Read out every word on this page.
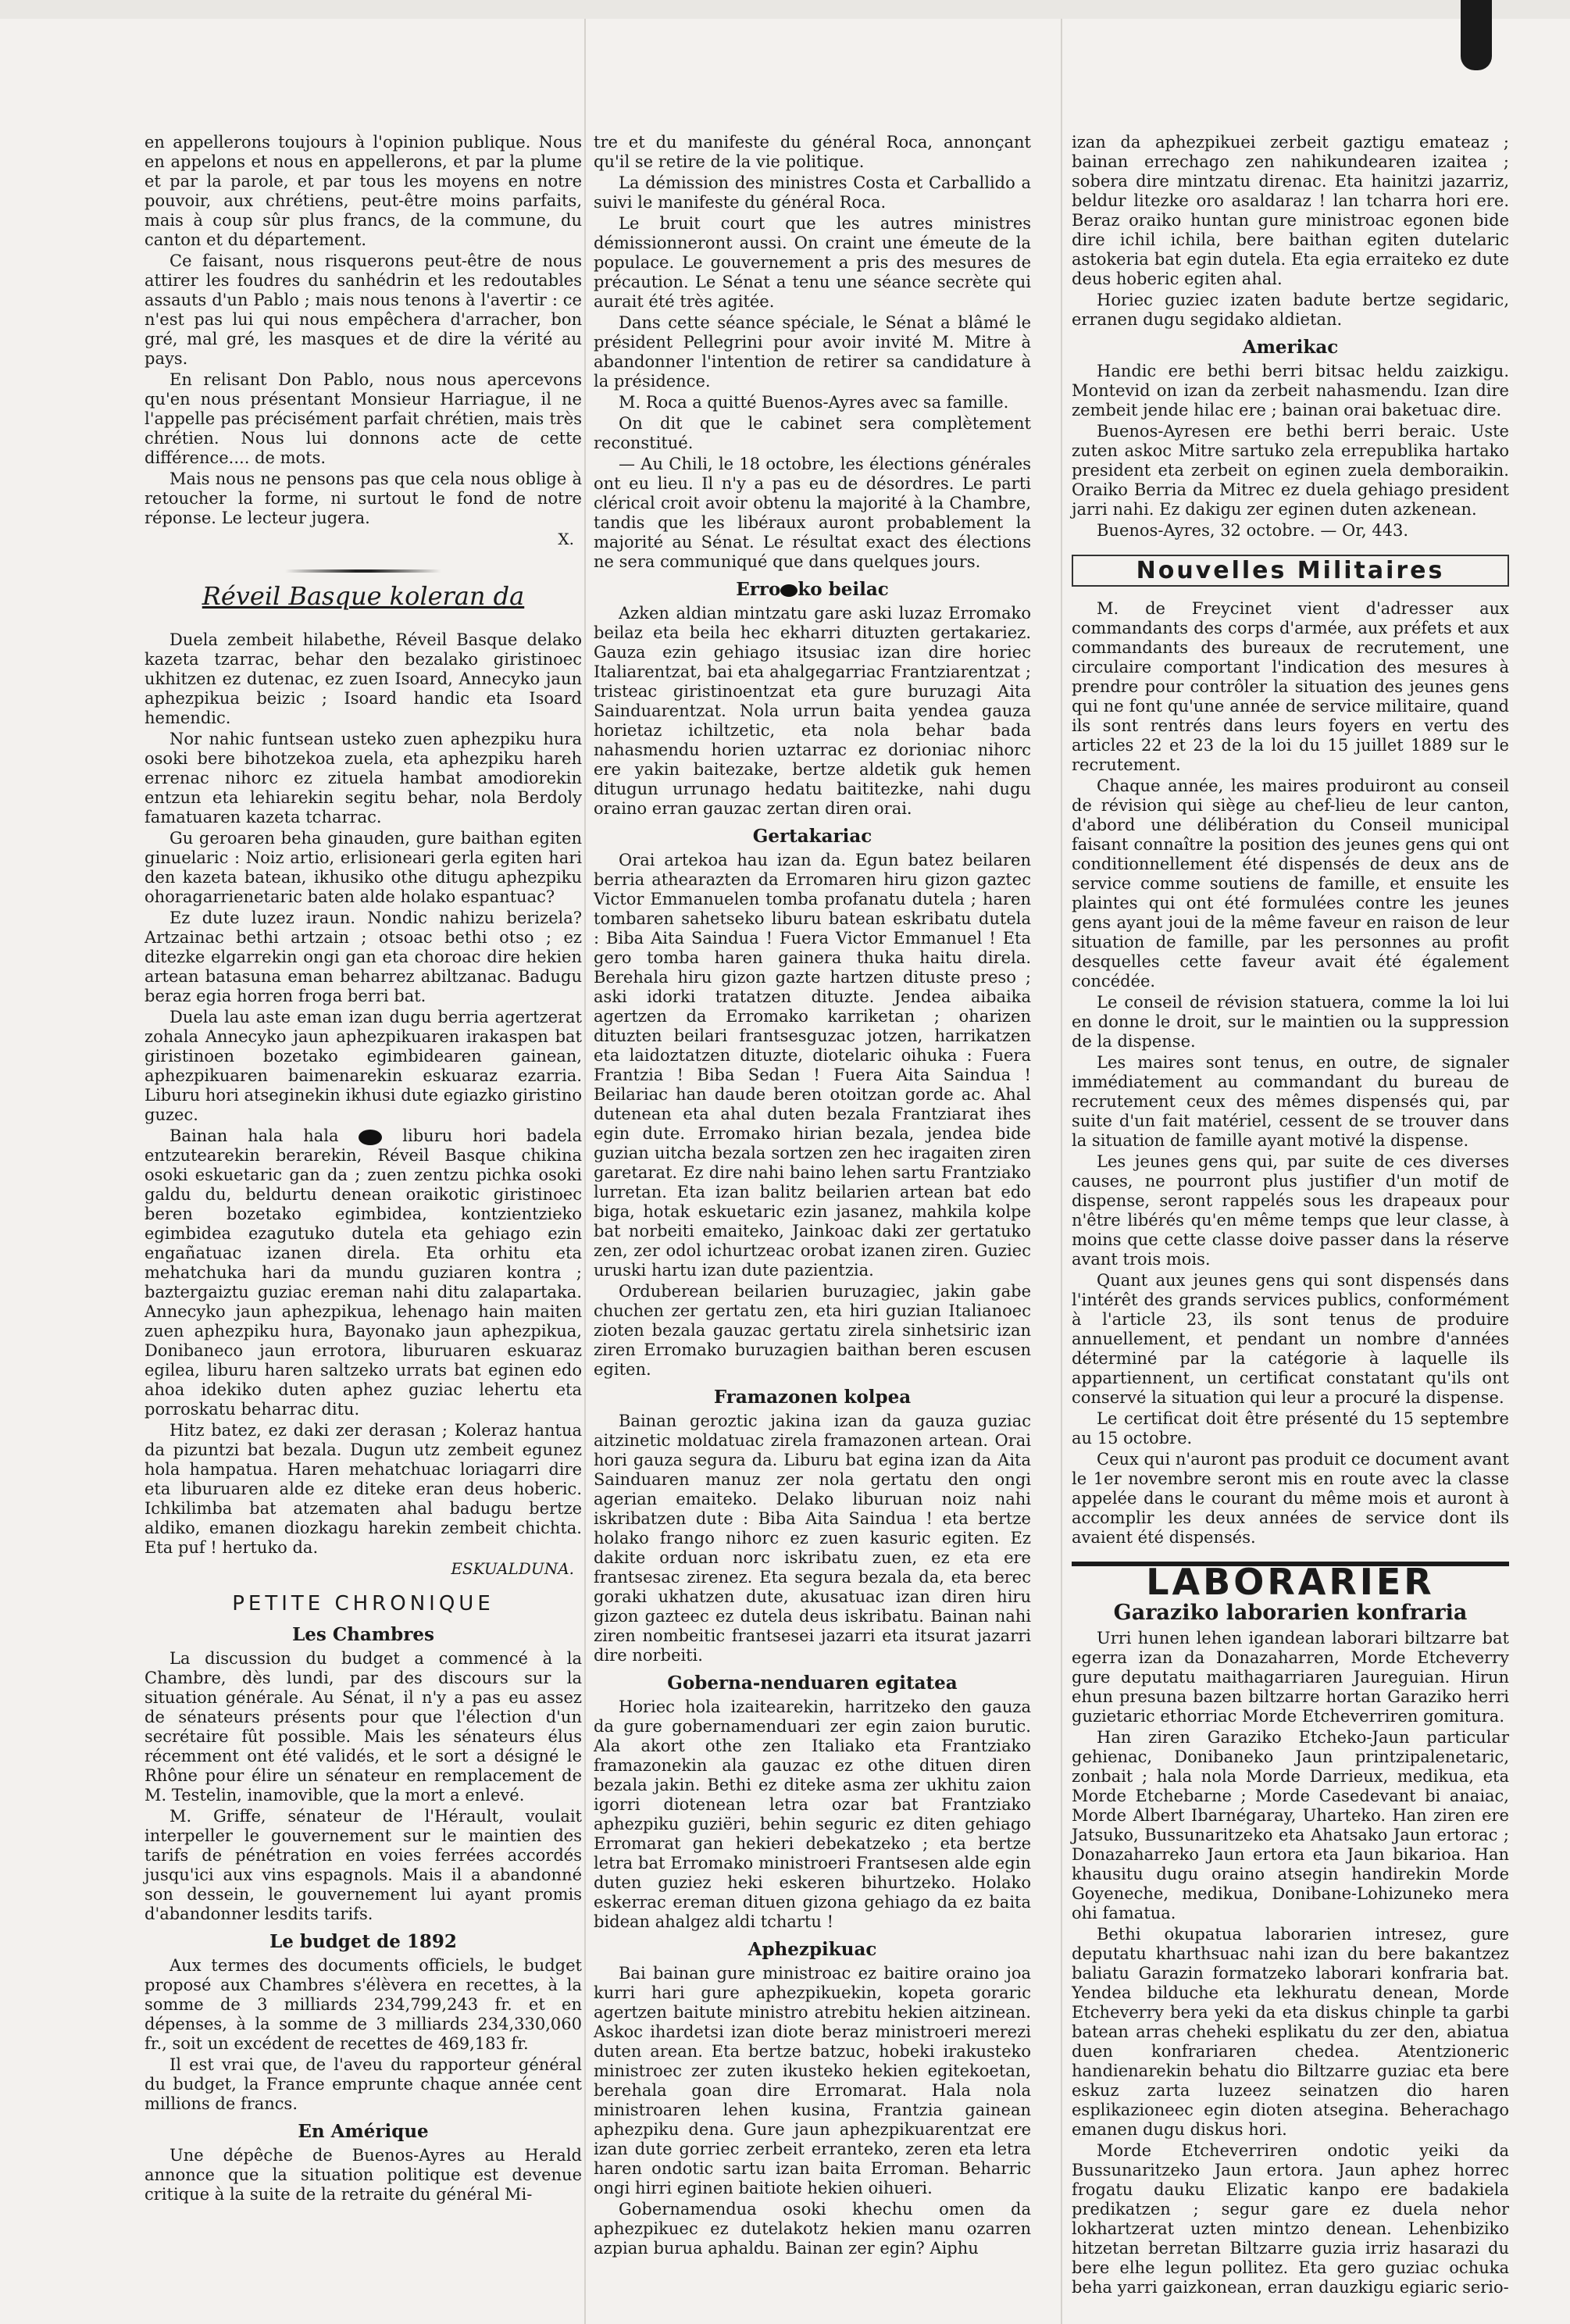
en appellerons toujours à l'opinion publique. Nous en appelons et nous en appellerons, et par la plume et par la parole, et par tous les moyens en notre pouvoir, aux chrétiens, peut-être moins parfaits, mais à coup sûr plus francs, de la commune, du canton et du département.

Ce faisant, nous risquerons peut-être de nous attirer les foudres du sanhédrin et les redoutables assauts d'un Pablo ; mais nous tenons à l'avertir : ce n'est pas lui qui nous empêchera d'arracher, bon gré, mal gré, les masques et de dire la vérité au pays.

En relisant Don Pablo, nous nous apercevons qu'en nous présentant Monsieur Harriague, il ne l'appelle pas précisément parfait chrétien, mais très chrétien. Nous lui donnons acte de cette différence.... de mots.

Mais nous ne pensons pas que cela nous oblige à retoucher la forme, ni surtout le fond de notre réponse. Le lecteur jugera.

X.
Réveil Basque koleran da

Duela zembeit hilabethe, Réveil Basque delako kazeta tzarrac, behar den bezalako giristinoec ukhitzen ez dutenac, ez zuen Isoard, Annecyko jaun aphezpikua beizic ; Isoard handic eta Isoard hemendic.

Nor nahic funtsean usteko zuen aphezpiku hura osoki bere bihotzekoa zuela, eta aphezpiku hareh errenac nihorc ez zituela hambat amodiorekin entzun eta lehiarekin segitu behar, nola Berdoly famatuaren kazeta tcharrac.

Gu geroaren beha ginauden, gure baithan egiten ginuelaric : Noiz artio, erlisioneari gerla egiten hari den kazeta batean, ikhusiko othe ditugu aphezpiku ohoragarrienetaric baten alde holako espantuac?

Ez dute luzez iraun. Nondic nahizu berizela? Artzainac bethi artzain ; otsoac bethi otso ; ez ditezke elgarrekin ongi gan eta choroac dire hekien artean batasuna eman beharrez abiltzanac. Badugu beraz egia horren froga berri bat.

Duela lau aste eman izan dugu berria agertzerat zohala Annecyko jaun aphezpikuaren irakaspen bat giristinoen bozetako egimbidearen gainean, aphezpikuaren baimenarekin eskuaraz ezarria. Liburu hori atseginekin ikhusi dute egiazko giristino guzec.

Bainan hala hala	liburu hori badela entzutearekin berarekin, Réveil Basque chikina osoki eskuetaric gan da ; zuen zentzu pichka osoki galdu du, beldurtu denean oraikotic giristinoec beren bozetako egimbidea, kontzientzieko egimbidea ezagutuko dutela eta gehiago ezin engañatuac izanen direla. Eta orhitu eta mehatchuka hari da mundu guziaren kontra ; baztergaiztu guziac ereman nahi ditu zalapartaka. Annecyko jaun aphezpikua, lehenago hain maiten zuen aphezpiku hura, Bayonako jaun aphezpikua, Donibaneco jaun errotora, liburuaren eskuaraz egilea, liburu haren saltzeko urrats bat eginen edo ahoa idekiko duten aphez guziac lehertu eta porroskatu beharrac ditu.

Hitz batez, ez daki zer derasan ; Koleraz hantua da pizuntzi bat bezala. Dugun utz zembeit egunez hola hampatua. Haren mehatchuac loriagarri dire eta liburuaren alde ez diteke eran deus hoberic. Ichkilimba bat atzematen ahal badugu bertze aldiko, emanen diozkagu harekin zembeit chichta. Eta puf ! hertuko da.

ESKUALDUNA.
PETITE CHRONIQUE
Les Chambres

La discussion du budget a commencé à la Chambre, dès lundi, par des discours sur la situation générale. Au Sénat, il n'y a pas eu assez de sénateurs présents pour que l'élection d'un secrétaire fût possible. Mais les sénateurs élus récemment ont été validés, et le sort a désigné le Rhône pour élire un sénateur en remplacement de M. Testelin, inamovible, que la mort a enlevé.

M. Griffe, sénateur de l'Hérault, voulait interpeller le gouvernement sur le maintien des tarifs de pénétration en voies ferrées accordés jusqu'ici aux vins espagnols. Mais il a abandonné son dessein, le gouvernement lui ayant promis d'abandonner lesdits tarifs.

Le budget de 1892

Aux termes des documents officiels, le budget proposé aux Chambres s'élèvera en recettes, à la somme de 3 milliards 234,799,243 fr. et en dépenses, à la somme de 3 milliards 234,330,060 fr., soit un excédent de recettes de 469,183 fr.

Il est vrai que, de l'aveu du rapporteur général du budget, la France emprunte chaque année cent millions de francs.

En Amérique

Une dépêche de Buenos-Ayres au Herald annonce que la situation politique est devenue critique à la suite de la retraite du général Mi-

tre et du manifeste du général Roca, annonçant qu'il se retire de la vie politique.

La démission des ministres Costa et Carballido a suivi le manifeste du général Roca.

Le bruit court que les autres ministres démissionneront aussi. On craint une émeute de la populace. Le gouvernement a pris des mesures de précaution. Le Sénat a tenu une séance secrète qui aurait été très agitée.

Dans cette séance spéciale, le Sénat a blâmé le président Pellegrini pour avoir invité M. Mitre à abandonner l'intention de retirer sa candidature à la présidence.

M. Roca a quitté Buenos-Ayres avec sa famille.

On dit que le cabinet sera complètement reconstitué.

— Au Chili, le 18 octobre, les élections générales ont eu lieu. Il n'y a pas eu de désordres. Le parti clérical croit avoir obtenu la majorité à la Chambre, tandis que les libéraux auront probablement la majorité au Sénat. Le résultat exact des élections ne sera communiqué que dans quelques jours.

Erro ko beilac

Azken aldian mintzatu gare aski luzaz Erromako beilaz eta beila hec ekharri dituzten gertakariez. Gauza ezin gehiago itsusiac izan dire horiec Italiarentzat, bai eta ahalgegarriac Frantziarentzat ; tristeac giristinoentzat eta gure buruzagi Aita Sainduarentzat. Nola urrun baita yendea gauza horietaz ichiltzetic, eta nola behar bada nahasmendu horien uztarrac ez dorioniac nihorc ere yakin baitezake, bertze aldetik guk hemen ditugun urrunago hedatu baititezke, nahi dugu oraino erran gauzac zertan diren orai.

Gertakariac

Orai artekoa hau izan da. Egun batez beilaren berria athearazten da Erromaren hiru gizon gaztec Victor Emmanuelen tomba profanatu dutela ; haren tombaren sahetseko liburu batean eskribatu dutela : Biba Aita Saindua ! Fuera Victor Emmanuel ! Eta gero tomba haren gainera thuka haitu direla. Berehala hiru gizon gazte hartzen dituste preso ; aski idorki tratatzen dituzte. Jendea aibaika agertzen da Erromako karriketan ; oharizen dituzten beilari frantsesguzac jotzen, harrikatzen eta laidoztatzen dituzte, diotelaric oihuka : Fuera Frantzia ! Biba Sedan ! Fuera Aita Saindua ! Beilariac han daude beren otoitzan gorde ac. Ahal dutenean eta ahal duten bezala Frantziarat ihes egin dute. Erromako hirian bezala, jendea bide guzian uitcha bezala sortzen zen hec iragaiten ziren garetarat. Ez dire nahi baino lehen sartu Frantziako lurretan. Eta izan balitz beilarien artean bat edo biga, hotak eskuetaric ezin jasanez, mahkila kolpe bat norbeiti emaiteko, Jainkoac daki zer gertatuko zen, zer odol ichurtzeac orobat izanen ziren. Guziec uruski hartu izan dute pazientzia.

Orduberean beilarien buruzagiec, jakin gabe chuchen zer gertatu zen, eta hiri guzian Italianoec zioten bezala gauzac gertatu zirela sinhetsiric izan ziren Erromako buruzagien baithan beren escusen egiten.

Framazonen kolpea

Bainan geroztic jakina izan da gauza guziac aitzinetic moldatuac zirela framazonen artean. Orai hori gauza segura da. Liburu bat egina izan da Aita Sainduaren manuz zer nola gertatu den ongi agerian emaiteko. Delako liburuan noiz nahi iskribatzen dute : Biba Aita Saindua ! eta bertze holako frango nihorc ez zuen kasuric egiten. Ez dakite orduan norc iskribatu zuen, ez eta ere frantsesac zirenez. Eta segura bezala da, eta berec goraki ukhatzen dute, akusatuac izan diren hiru gizon gazteec ez dutela deus iskribatu. Bainan nahi ziren nombeitic frantsesei jazarri eta itsurat jazarri dire norbeiti.

Goberna-nenduaren egitatea

Horiec hola izaitearekin, harritzeko den gauza da gure gobernamenduari zer egin zaion burutic. Ala akort othe zen Italiako eta Frantziako framazonekin ala gauzac ez othe dituen diren bezala jakin. Bethi ez diteke asma zer ukhitu zaion igorri diotenean letra ozar bat Frantziako aphezpiku guziëri, behin seguric ez diten gehiago Erromarat gan hekieri debekatzeko ; eta bertze letra bat Erromako ministroeri Frantsesen alde egin duten guziez heki eskeren bihurtzeko. Holako eskerrac ereman dituen gizona gehiago da ez baita bidean ahalgez aldi tchartu !

Aphezpikuac

Bai bainan gure ministroac ez baitire oraino joa kurri hari gure aphezpikuekin, kopeta goraric agertzen baitute ministro atrebitu hekien aitzinean. Askoc ihardetsi izan diote beraz ministroeri merezi duten arean. Eta bertze batzuc, hobeki irakusteko ministroec zer zuten ikusteko hekien egitekoetan, berehala goan dire Erromarat. Hala nola ministroaren lehen kusina, Frantzia gainean aphezpiku dena. Gure jaun aphezpikuarentzat ere izan dute gorriec zerbeit erranteko, zeren eta letra haren ondotic sartu izan baita Erroman. Beharric ongi hirri eginen baitiote hekien oihueri.

Gobernamendua osoki khechu omen da aphezpikuec ez dutelakotz hekien manu ozarren azpian burua aphaldu. Bainan zer egin? Aiphu

izan da aphezpikuei zerbeit gaztigu emateaz ; bainan errechago zen nahikundearen izaitea ; sobera dire mintzatu direnac. Eta hainitzi jazarriz, beldur litezke oro asaldaraz ! lan tcharra hori ere. Beraz oraiko huntan gure ministroac egonen bide dire ichil ichila, bere baithan egiten dutelaric astokeria bat egin dutela. Eta egia erraiteko ez dute deus hoberic egiten ahal.

Horiec guziec izaten badute bertze segidaric, erranen dugu segidako aldietan.

Amerikac

Handic ere bethi berri bitsac heldu zaizkigu. Montevid on izan da zerbeit nahasmendu. Izan dire zembeit jende hilac ere ; bainan orai baketuac dire.

Buenos-Ayresen ere bethi berri beraic. Uste zuten askoc Mitre sartuko zela errepublika hartako president eta zerbeit on eginen zuela demboraikin. Oraiko Berria da Mitrec ez duela gehiago president jarri nahi. Ez dakigu zer eginen duten azkenean.

Buenos-Ayres, 32 octobre. — Or, 443.

Nouvelles Militaires

M. de Freycinet vient d'adresser aux commandants des corps d'armée, aux préfets et aux commandants des bureaux de recrutement, une circulaire comportant l'indication des mesures à prendre pour contrôler la situation des jeunes gens qui ne font qu'une année de service militaire, quand ils sont rentrés dans leurs foyers en vertu des articles 22 et 23 de la loi du 15 juillet 1889 sur le recrutement.

Chaque année, les maires produiront au conseil de révision qui siège au chef-lieu de leur canton, d'abord une délibération du Conseil municipal faisant connaître la position des jeunes gens qui ont conditionnellement été dispensés de deux ans de service comme soutiens de famille, et ensuite les plaintes qui ont été formulées contre les jeunes gens ayant joui de la même faveur en raison de leur situation de famille, par les personnes au profit desquelles cette faveur avait été également concédée.

Le conseil de révision statuera, comme la loi lui en donne le droit, sur le maintien ou la suppression de la dispense.

Les maires sont tenus, en outre, de signaler immédiatement au commandant du bureau de recrutement ceux des mêmes dispensés qui, par suite d'un fait matériel, cessent de se trouver dans la situation de famille ayant motivé la dispense.

Les jeunes gens qui, par suite de ces diverses causes, ne pourront plus justifier d'un motif de dispense, seront rappelés sous les drapeaux pour n'être libérés qu'en même temps que leur classe, à moins que cette classe doive passer dans la réserve avant trois mois.

Quant aux jeunes gens qui sont dispensés dans l'intérêt des grands services publics, conformément à l'article 23, ils sont tenus de produire annuellement, et pendant un nombre d'années déterminé par la catégorie à laquelle ils appartiennent, un certificat constatant qu'ils ont conservé la situation qui leur a procuré la dispense.

Le certificat doit être présenté du 15 septembre au 15 octobre.

Ceux qui n'auront pas produit ce document avant le 1er novembre seront mis en route avec la classe appelée dans le courant du même mois et auront à accomplir les deux années de service dont ils avaient été dispensés.

LABORARIER
Garaziko laborarien konfraria

Urri hunen lehen igandean laborari biltzarre bat egerra izan da Donazaharren, Morde Etcheverry gure deputatu maithagarriaren Jaureguian. Hirun ehun presuna bazen biltzarre hortan Garaziko herri guzietaric ethorriac Morde Etcheverriren gomitura.

Han ziren Garaziko Etcheko-Jaun particular gehienac, Donibaneko Jaun printzipalenetaric, zonbait ; hala nola Morde Darrieux, medikua, eta Morde Etchebarne ; Morde Casedevant bi anaiac, Morde Albert Ibarnégaray, Uharteko. Han ziren ere Jatsuko, Bussunaritzeko eta Ahatsako Jaun ertorac ; Donazaharreko Jaun ertora eta Jaun bikarioa. Han khausitu dugu oraino atsegin handirekin Morde Goyeneche, medikua, Donibane-Lohizuneko mera ohi famatua.

Bethi okupatua laborarien intresez, gure deputatu kharthsuac nahi izan du bere bakantzez baliatu Garazin formatzeko laborari konfraria bat. Yendea bilduche eta lekhuratu denean, Morde Etcheverry bera yeki da eta diskus chinple ta garbi batean arras cheheki esplikatu du zer den, abiatua duen konfrariaren chedea. Atentzioneric handienarekin behatu dio Biltzarre guziac eta bere eskuz zarta luzeez seinatzen dio haren esplikazioneec egin dioten atsegina. Beherachago emanen dugu diskus hori.

Morde Etcheverriren ondotic yeiki da Bussunaritzeko Jaun ertora. Jaun aphez horrec frogatu dauku Elizatic kanpo ere badakiela predikatzen ; segur gare ez duela nehor lokhartzerat uzten mintzo denean. Lehenbiziko hitzetan berretan Biltzarre guzia irriz hasarazi du bere elhe legun pollitez. Eta gero guziac ochuka beha yarri gaizkonean, erran dauzkigu egiaric serio-
